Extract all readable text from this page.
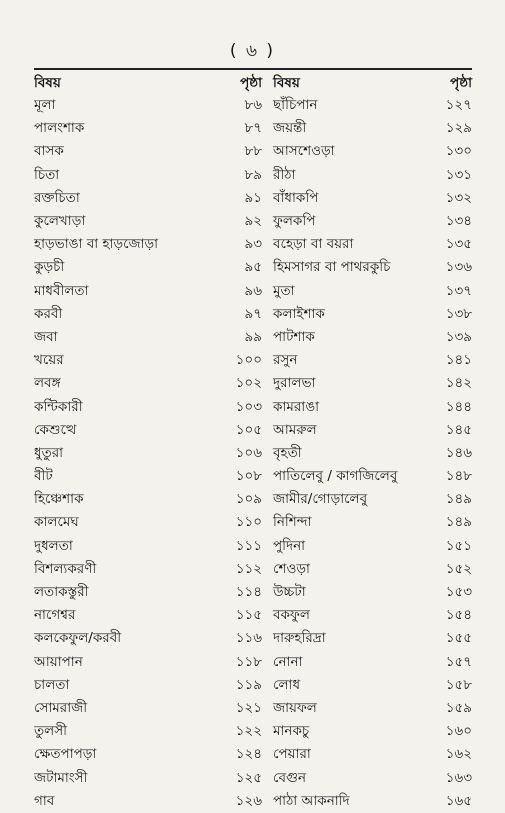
( ৬ )
বিষয়	পৃষ্ঠা বিষয়	পৃষ্ঠা
মূলা	৮৬ ছাঁচিপান	১২৭
পালংশাক	৮৭ জয়ন্তী	১২৯
বাসক	৮৮ আসশেওড়া	১৩০
চিতা	৮৯ রীঠা	১৩১
রক্তচিতা	৯১ বাঁধাকপি	১৩২
কুলেখাড়া	৯২ ফুলকপি	১৩৪
হাড়ভাঙা বা হাড়জোড়া	৯৩ বহেড়া বা বয়রা	১৩৫
কুড়চী	৯৫ হিমসাগর বা পাথরকুচি	১৩৬
মাধবীলতা	৯৬ মুতা	১৩৭
করবী	৯৭ কলাইশাক	১৩৮
জবা	৯৯ পাটশাক	১৩৯
খয়ের	১০০ রসুন	১৪১
লবঙ্গ	১০২ দুরালভা	১৪২
কন্টিকারী	১০৩ কামরাঙা	১৪৪
কেশুত্থে	১০৫ আমরুল	১৪৫
ধুতুরা	১০৬ বৃহতী	১৪৬
বীট	১০৮ পাতিলেবু / কাগজিলেবু	১৪৮
হিঞ্চেশাক	১০৯ জামীর/গোড়ালেবু	১৪৯
কালমেঘ	১১০ নিশিন্দা	১৪৯
দুধলতা	১১১ পুদিনা	১৫১
বিশল্যকরণী	১১২ শেওড়া	১৫২
লতাকস্তুরী	১১৪ উচ্চটা	১৫৩
নাগেশ্বর	১১৫ বকফুল	১৫৪
কলকেফুল/করবী	১১৬ দারুহরিদ্রা	১৫৫
আয়াপান	১১৮ নোনা	১৫৭
চালতা	১১৯ লোধ	১৫৮
সোমরাজী	১২১ জায়ফল	১৫৯
তুলসী	১২২ মানকচু	১৬০
ক্ষেতপাপড়া	১২৪ পেয়ারা	১৬২
জটামাংসী	১২৫ বেগুন	১৬৩
গাব	১২৬ পাঠা আকনাদি	১৬৫
